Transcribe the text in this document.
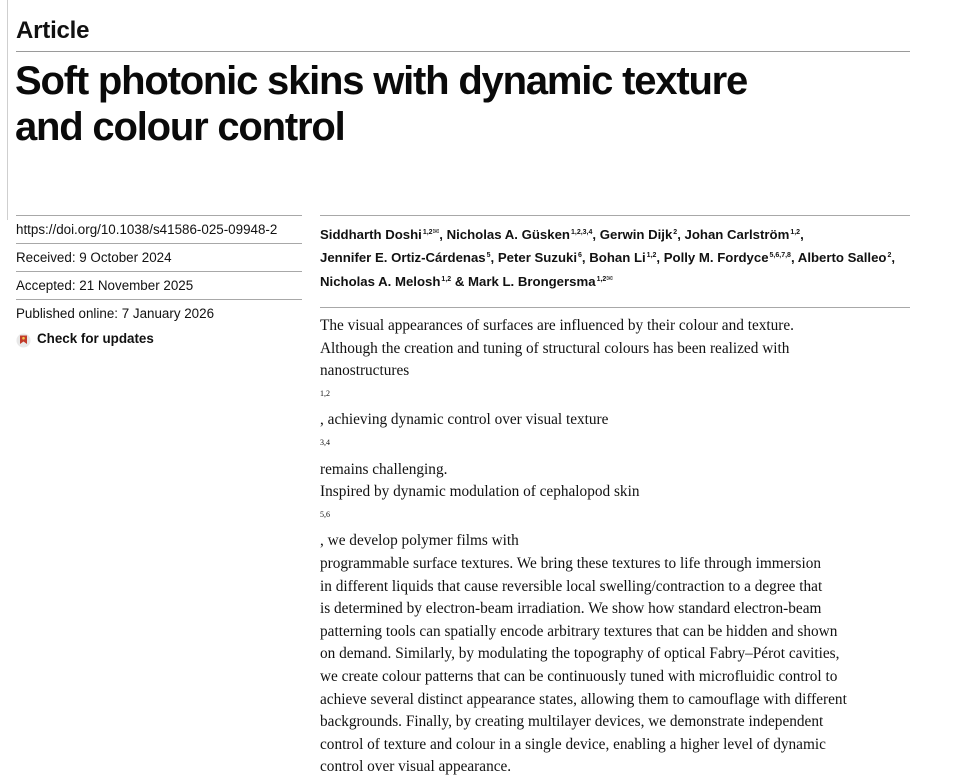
Article
Soft photonic skins with dynamic texture
and colour control
https://doi.org/10.1038/s41586-025-09948-2
Received: 9 October 2024
Accepted: 21 November 2025
Published online: 7 January 2026
Check for updates
Siddharth Doshi$^{1,2✉}$, Nicholas A. Güsken$^{1,2,3,4}$, Gerwin Dijk$^2$, Johan Carlström$^{1,2}$,
Jennifer E. Ortiz-Cárdenas$^5$, Peter Suzuki$^6$, Bohan Li$^{1,2}$, Polly M. Fordyce$^{5,6,7,8}$, Alberto Salleo$^2$,
Nicholas A. Melosh$^{1,2}$ & Mark L. Brongersma$^{1,2✉}$
The visual appearances of surfaces are influenced by their colour and texture.
Although the creation and tuning of structural colours has been realized with
nanostructures
$^{1,2}$
, achieving dynamic control over visual texture
$^{3,4}$
remains challenging.
Inspired by dynamic modulation of cephalopod skin
$^{5,6}$
, we develop polymer films with
programmable surface textures. We bring these textures to life through immersion
in different liquids that cause reversible local swelling/contraction to a degree that
is determined by electron-beam irradiation. We show how standard electron-beam
patterning tools can spatially encode arbitrary textures that can be hidden and shown
on demand. Similarly, by modulating the topography of optical Fabry–Pérot cavities,
we create colour patterns that can be continuously tuned with microfluidic control to
achieve several distinct appearance states, allowing them to camouflage with different
backgrounds. Finally, by creating multilayer devices, we demonstrate independent
control of texture and colour in a single device, enabling a higher level of dynamic
control over visual appearance.
